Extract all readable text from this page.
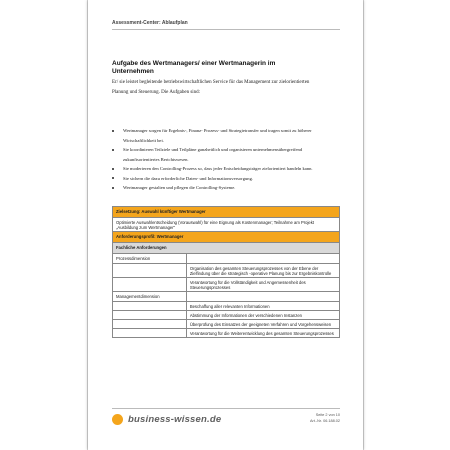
Assessment-Center: Ablaufplan
Aufgabe des Wertmanagers/ einer Wertmanagerin im Unternehmen
Er/ sie leistet begleitende betriebswirtschaftlichen Service für das Management zur zielorientierten Planung und Steuerung. Die Aufgaben sind:
Wertmanager sorgen für Ergebnis-, Finanz- Prozess- und Strategietransfer und tragen somit zu höherer Wirtschaftlichkeit bei.
Sie koordinieren Teilziele und Teilpläne ganzheitlich und organisieren unternehmensübergreifend zukunftsorientiertes Berichtswesen.
Sie moderieren den Controlling-Prozess so, dass jeder Entscheidungsträger zielorientiert handeln kann.
Sie sichern die dazu erforderliche Daten- und Informationsversorgung.
Wertmanager gestalten und pflegen die Controlling-Systeme.
Zielsetzung: Auswahl künftiger Wertmanager	
Optimierte Auswahlentscheidung (Vorauswahl) für eine Eignung als Kostenmanager; Teilnahme am Projekt „Ausbildung zum Wertmanager“	
Anforderungsprofil: Wertmanager	
Fachliche Anforderungen	
Prozessdimension	
	Organisation des gesamten Steuerungsprozesses von der Ebene der Zielfindung über die strategisch -operative Planung bis zur Ergebniskontrolle
	Verantwortung für die Vollständigkeit und Angemessenheit des Steuerungsprozesses
Managementdimension	
	Beschaffung aller relevanten Informationen
	Abstimmung der Informationen der verschiedenen Instanzen
	Überprüfung des Einsatzes der geeigneten Verfahren und Vorgehensweisen
	Verantwortung für die Weiterentwicklung des gesamten Steuerungsprozesses
business-wissen.de	Seite 2 von 10
Art.-Nr. 06.188.02
